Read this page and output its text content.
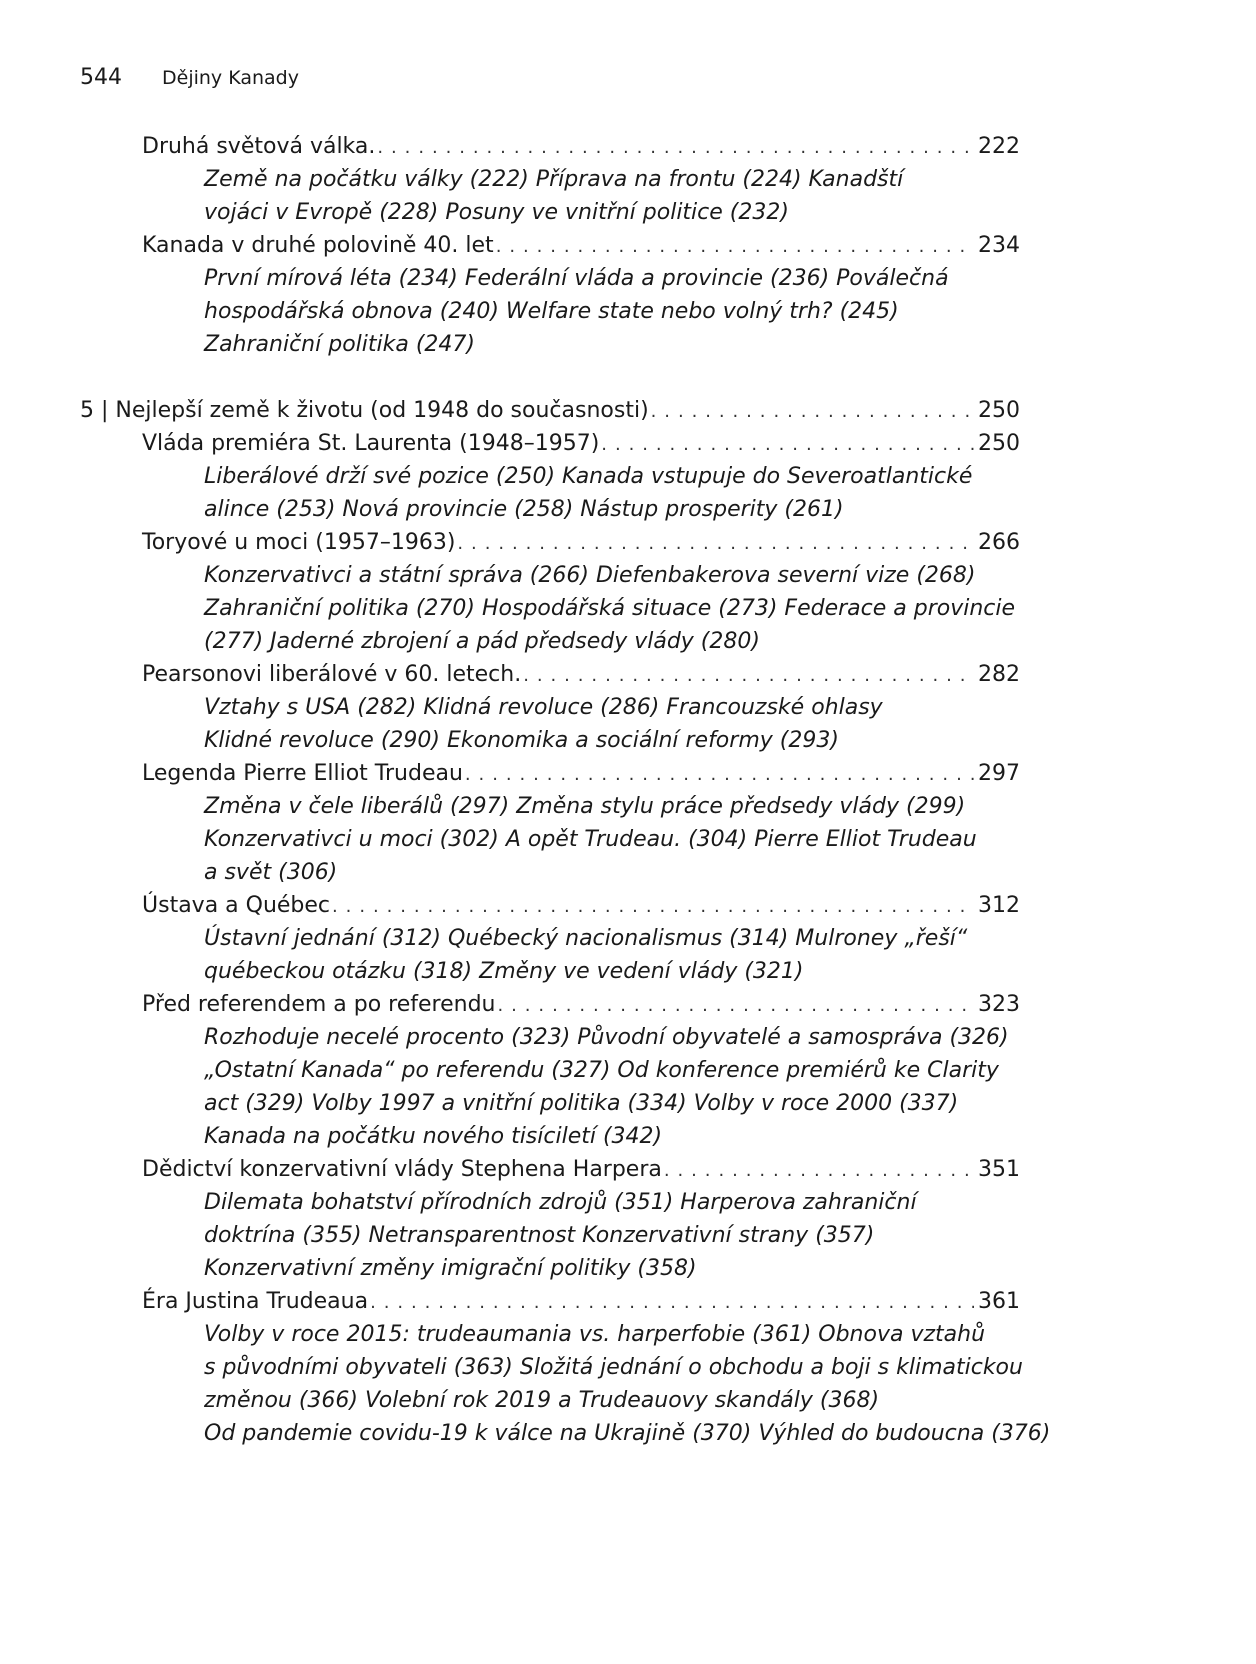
544 Dějiny Kanady
Druhá světová válka. . . .	222
Země na počátku války (222) Příprava na frontu (224) Kanadští
vojáci v Evropě (228) Posuny ve vnitřní politice (232)
Kanada v druhé polovině 40. let . . .	234
První mírová léta (234) Federální vláda a provincie (236) Poválečná
hospodářská obnova (240) Welfare state nebo volný trh? (245)
Zahraniční politika (247)
5 | Nejlepší země k životu (od 1948 do současnosti) . . .	250
Vláda premiéra St. Laurenta (1948–1957) . . .	250
Liberálové drží své pozice (250) Kanada vstupuje do Severoatlantické
alince (253) Nová provincie (258) Nástup prosperity (261)
Toryové u moci (1957–1963) . . .	266
Konzervativci a státní správa (266) Diefenbakerova severní vize (268)
Zahraniční politika (270) Hospodářská situace (273) Federace a provincie
(277) Jaderné zbrojení a pád předsedy vlády (280)
Pearsonovi liberálové v 60. letech. . . .	282
Vztahy s USA (282) Klidná revoluce (286) Francouzské ohlasy
Klidné revoluce (290) Ekonomika a sociální reformy (293)
Legenda Pierre Elliot Trudeau . . .	297
Změna v čele liberálů (297) Změna stylu práce předsedy vlády (299)
Konzervativci u moci (302) A opět Trudeau. (304) Pierre Elliot Trudeau
a svět (306)
Ústava a Québec . . .	312
Ústavní jednání (312) Québecký nacionalismus (314) Mulroney „řeší“
québeckou otázku (318) Změny ve vedení vlády (321)
Před referendem a po referendu . . .	323
Rozhoduje necelé procento (323) Původní obyvatelé a samospráva (326)
„Ostatní Kanada“ po referendu (327) Od konference premiérů ke Clarity
act (329) Volby 1997 a vnitřní politika (334) Volby v roce 2000 (337)
Kanada na počátku nového tisíciletí (342)
Dědictví konzervativní vlády Stephena Harpera . . .	351
Dilemata bohatství přírodních zdrojů (351) Harperova zahraniční
doktrína (355) Netransparentnost Konzervativní strany (357)
Konzervativní změny imigrační politiky (358)
Éra Justina Trudeaua . . .	361
Volby v roce 2015: trudeaumania vs. harperfobie (361) Obnova vztahů
s původními obyvateli (363) Složitá jednání o obchodu a boji s klimatickou
změnou (366) Volební rok 2019 a Trudeauovy skandály (368)
Od pandemie covidu-19 k válce na Ukrajině (370) Výhled do budoucna (376)
